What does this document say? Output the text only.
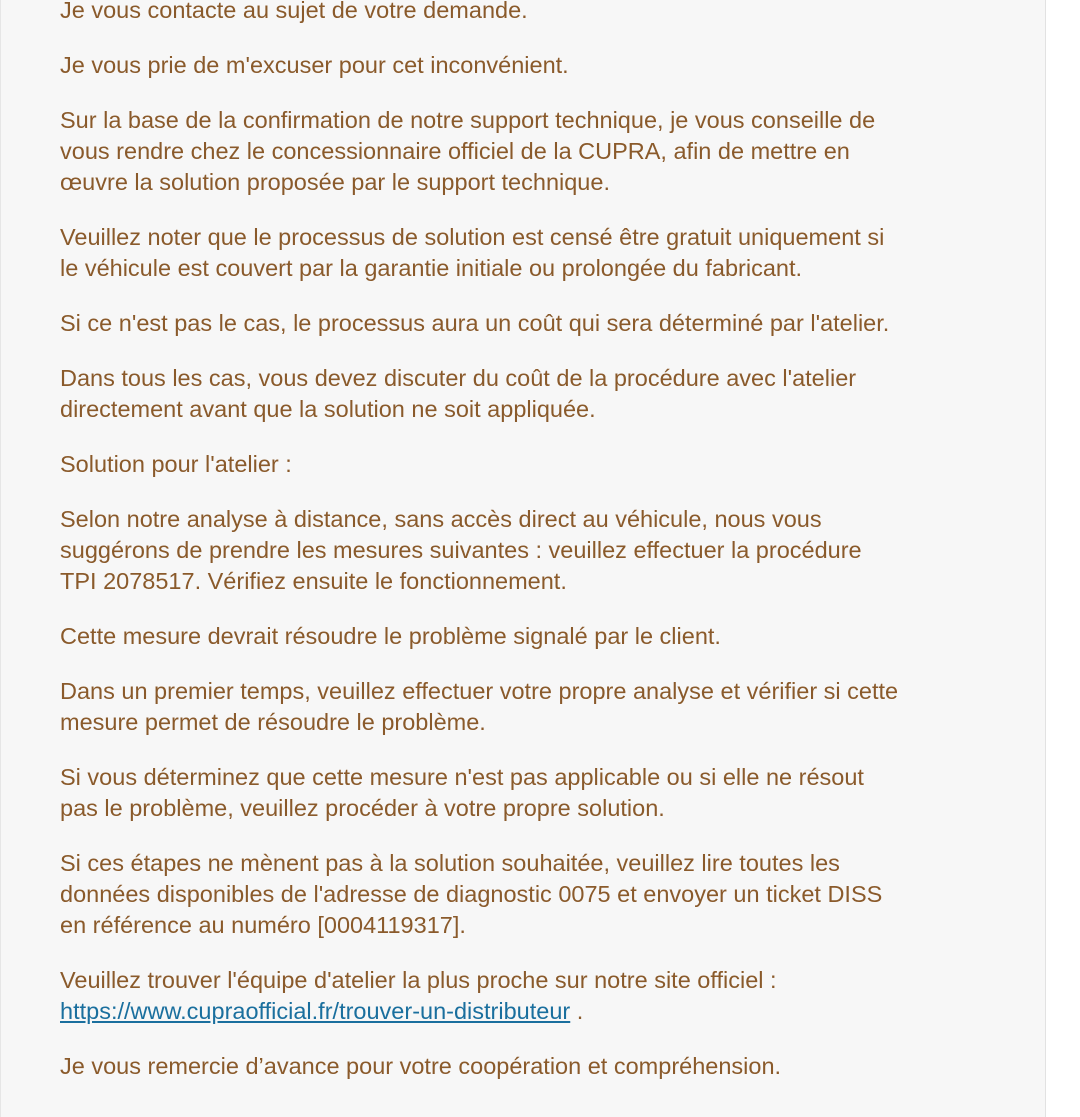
Je vous contacte au sujet de votre demande.

Je vous prie de m'excuser pour cet inconvénient.

Sur la base de la confirmation de notre support technique, je vous conseille de
vous rendre chez le concessionnaire officiel de la CUPRA, afin de mettre en
œuvre la solution proposée par le support technique.

Veuillez noter que le processus de solution est censé être gratuit uniquement si
le véhicule est couvert par la garantie initiale ou prolongée du fabricant.

Si ce n'est pas le cas, le processus aura un coût qui sera déterminé par l'atelier.

Dans tous les cas, vous devez discuter du coût de la procédure avec l'atelier
directement avant que la solution ne soit appliquée.

Solution pour l'atelier :

Selon notre analyse à distance, sans accès direct au véhicule, nous vous
suggérons de prendre les mesures suivantes : veuillez effectuer la procédure
TPI 2078517. Vérifiez ensuite le fonctionnement.

Cette mesure devrait résoudre le problème signalé par le client.

Dans un premier temps, veuillez effectuer votre propre analyse et vérifier si cette
mesure permet de résoudre le problème.

Si vous déterminez que cette mesure n'est pas applicable ou si elle ne résout
pas le problème, veuillez procéder à votre propre solution.

Si ces étapes ne mènent pas à la solution souhaitée, veuillez lire toutes les
données disponibles de l'adresse de diagnostic 0075 et envoyer un ticket DISS
en référence au numéro [0004119317].

Veuillez trouver l'équipe d'atelier la plus proche sur notre site officiel :
https://www.cupraofficial.fr/trouver-un-distributeur .

Je vous remercie d’avance pour votre coopération et compréhension.
